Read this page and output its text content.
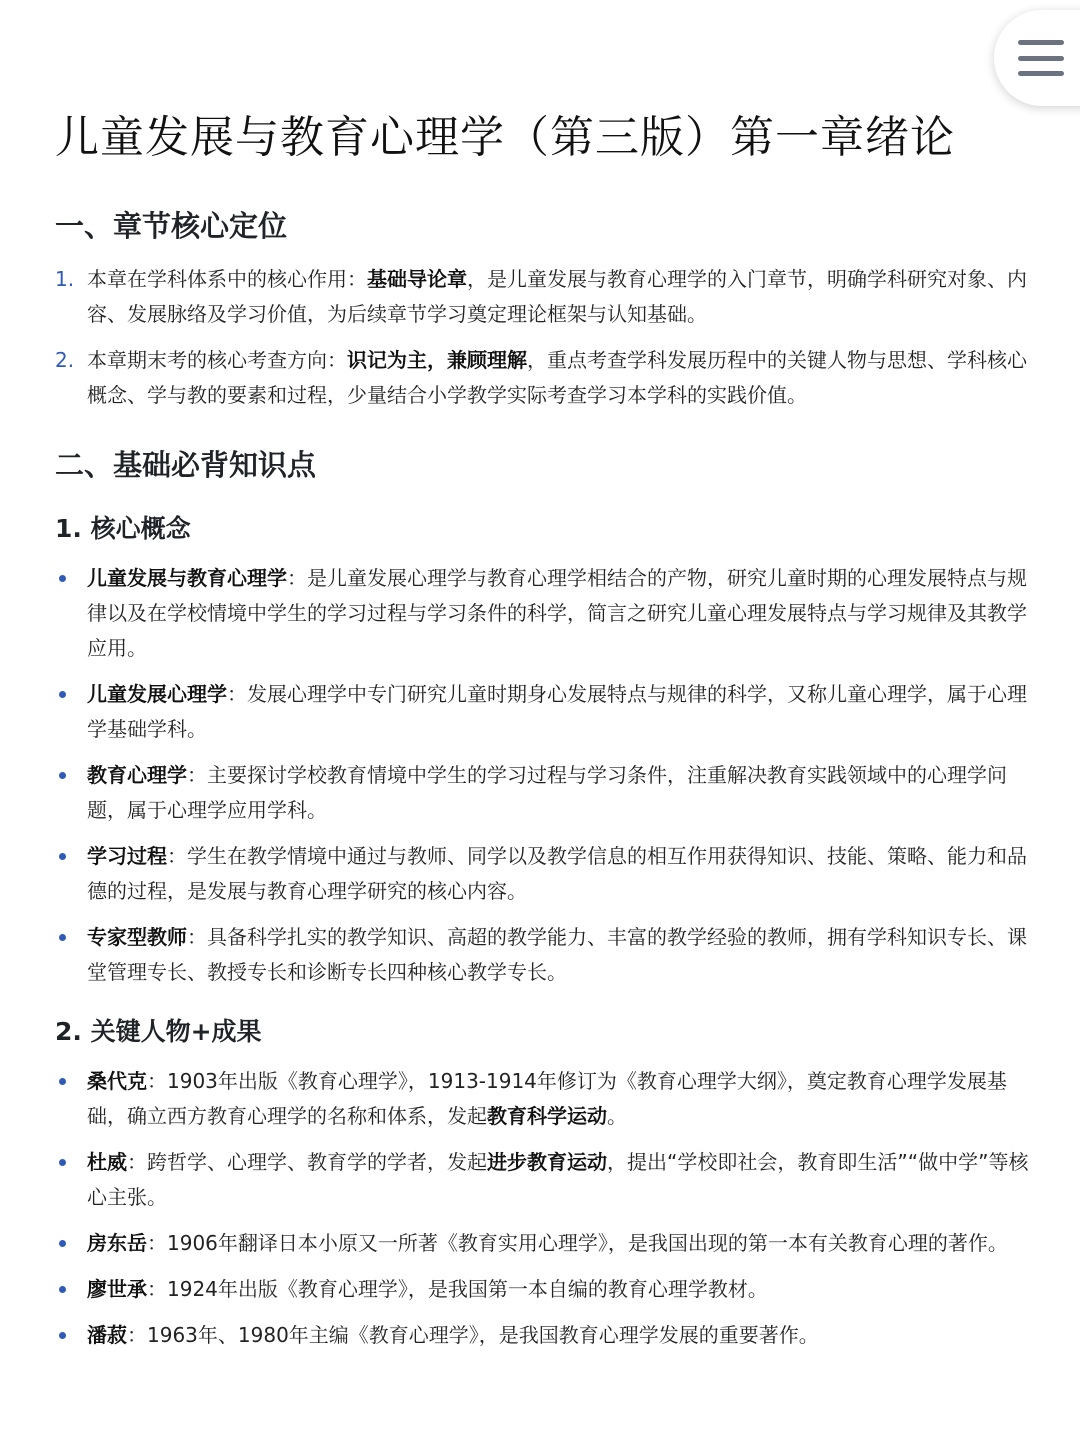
儿童发展与教育心理学（第三版）第一章绪论
一、章节核心定位
1. 本章在学科体系中的核心作用：基础导论章，是儿童发展与教育心理学的入门章节，明确学科研究对象、内容、发展脉络及学习价值，为后续章节学习奠定理论框架与认知基础。
2. 本章期末考的核心考查方向：识记为主，兼顾理解，重点考查学科发展历程中的关键人物与思想、学科核心概念、学与教的要素和过程，少量结合小学教学实际考查学习本学科的实践价值。
二、基础必背知识点
1. 核心概念
儿童发展与教育心理学：是儿童发展心理学与教育心理学相结合的产物，研究儿童时期的心理发展特点与规律以及在学校情境中学生的学习过程与学习条件的科学，简言之研究儿童心理发展特点与学习规律及其教学应用。
儿童发展心理学：发展心理学中专门研究儿童时期身心发展特点与规律的科学，又称儿童心理学，属于心理学基础学科。
教育心理学：主要探讨学校教育情境中学生的学习过程与学习条件，注重解决教育实践领域中的心理学问题，属于心理学应用学科。
学习过程：学生在教学情境中通过与教师、同学以及教学信息的相互作用获得知识、技能、策略、能力和品德的过程，是发展与教育心理学研究的核心内容。
专家型教师：具备科学扎实的教学知识、高超的教学能力、丰富的教学经验的教师，拥有学科知识专长、课堂管理专长、教授专长和诊断专长四种核心教学专长。
2. 关键人物+成果
桑代克：1903年出版《教育心理学》，1913-1914年修订为《教育心理学大纲》，奠定教育心理学发展基础，确立西方教育心理学的名称和体系，发起教育科学运动。
杜威：跨哲学、心理学、教育学的学者，发起进步教育运动，提出“学校即社会，教育即生活”“做中学”等核心主张。
房东岳：1906年翻译日本小原又一所著《教育实用心理学》，是我国出现的第一本有关教育心理的著作。
廖世承：1924年出版《教育心理学》，是我国第一本自编的教育心理学教材。
潘菽：1963年、1980年主编《教育心理学》，是我国教育心理学发展的重要著作。
